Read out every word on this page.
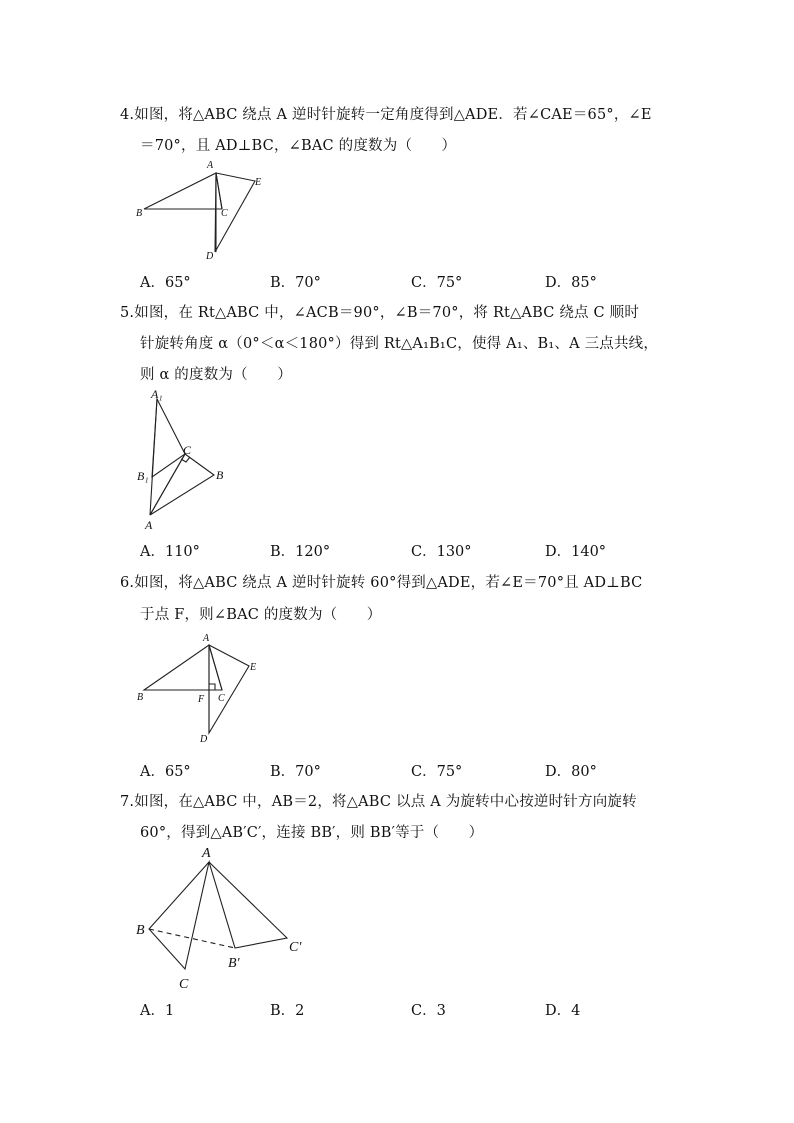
4.如图，将△ABC 绕点 A 逆时针旋转一定角度得到△ADE．若∠CAE＝65°，∠E
＝70°，且 AD⊥BC，∠BAC 的度数为（　　）
A
B	C
D
E
A．65°	B．70°	C．75°	D．85°
5.如图，在 Rt△ABC 中，∠ACB＝90°，∠B＝70°，将 Rt△ABC 绕点 C 顺时
针旋转角度 α（0°＜α＜180°）得到 Rt△A₁B₁C，使得 A₁、B₁、A 三点共线，
则 α 的度数为（　　）
A₁
C
B₁	B
A
A．110°	B．120°	C．130°	D．140°
6.如图，将△ABC 绕点 A 逆时针旋转 60°得到△ADE，若∠E＝70°且 AD⊥BC
于点 F，则∠BAC 的度数为（　　）
A
B	F C
D
E
A．65°	B．70°	C．75°	D．80°
7.如图，在△ABC 中，AB＝2，将△ABC 以点 A 为旋转中心按逆时针方向旋转
60°，得到△AB′C′，连接 BB′，则 BB′等于（　　）
A
B
C
B′
C′
A．1	B．2	C．3	D．4
